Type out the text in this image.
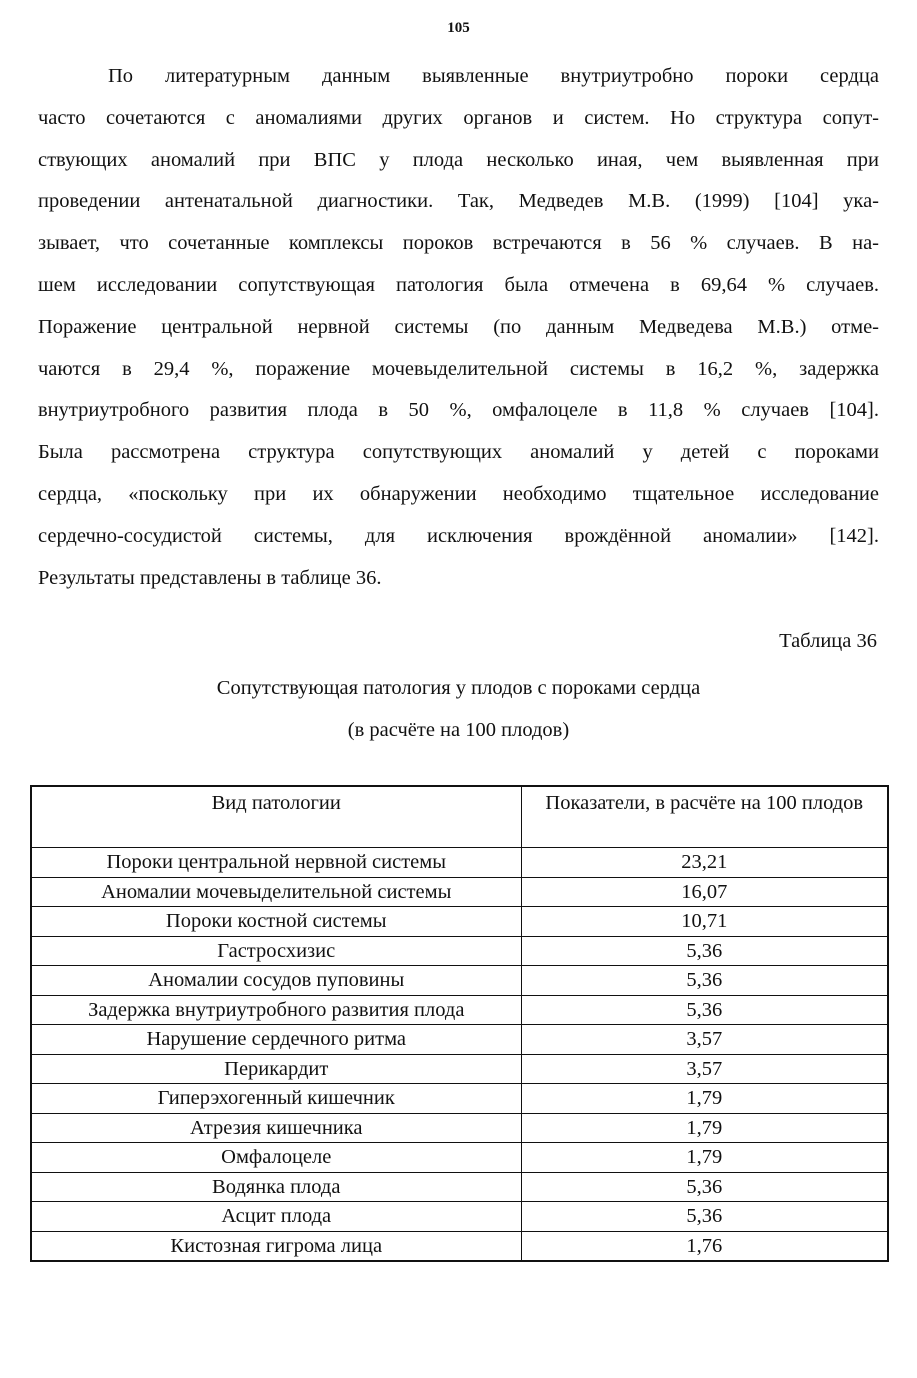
105

По литературным данным выявленные внутриутробно пороки сердца
часто сочетаются с аномалиями других органов и систем. Но структура сопут-
ствующих аномалий при ВПС у плода несколько иная, чем выявленная при
проведении антенатальной диагностики. Так, Медведев М.В. (1999) [104] ука-
зывает, что сочетанные комплексы пороков встречаются в 56 % случаев. В на-
шем исследовании сопутствующая патология была отмечена в 69,64 % случаев.
Поражение центральной нервной системы (по данным Медведева М.В.) отме-
чаются в 29,4 %, поражение мочевыделительной системы в 16,2 %, задержка
внутриутробного развития плода в 50 %, омфалоцеле в 11,8 % случаев [104].
Была рассмотрена структура сопутствующих аномалий у детей с пороками
сердца, «поскольку при их обнаружении необходимо тщательное исследование
сердечно-сосудистой системы, для исключения врождённой аномалии» [142].
Результаты представлены в таблице 36.

Таблица 36
Сопутствующая патология у плодов с пороками сердца
(в расчёте на 100 плодов)
Вид патологии	Показатели, в расчёте на 100 плодов
Пороки центральной нервной системы	23,21
Аномалии мочевыделительной системы	16,07
Пороки костной системы	10,71
Гастросхизис	5,36
Аномалии сосудов пуповины	5,36
Задержка внутриутробного развития плода	5,36
Нарушение сердечного ритма	3,57
Перикардит	3,57
Гиперэхогенный кишечник	1,79
Атрезия кишечника	1,79
Омфалоцеле	1,79
Водянка плода	5,36
Асцит плода	5,36
Кистозная гигрома лица	1,76
